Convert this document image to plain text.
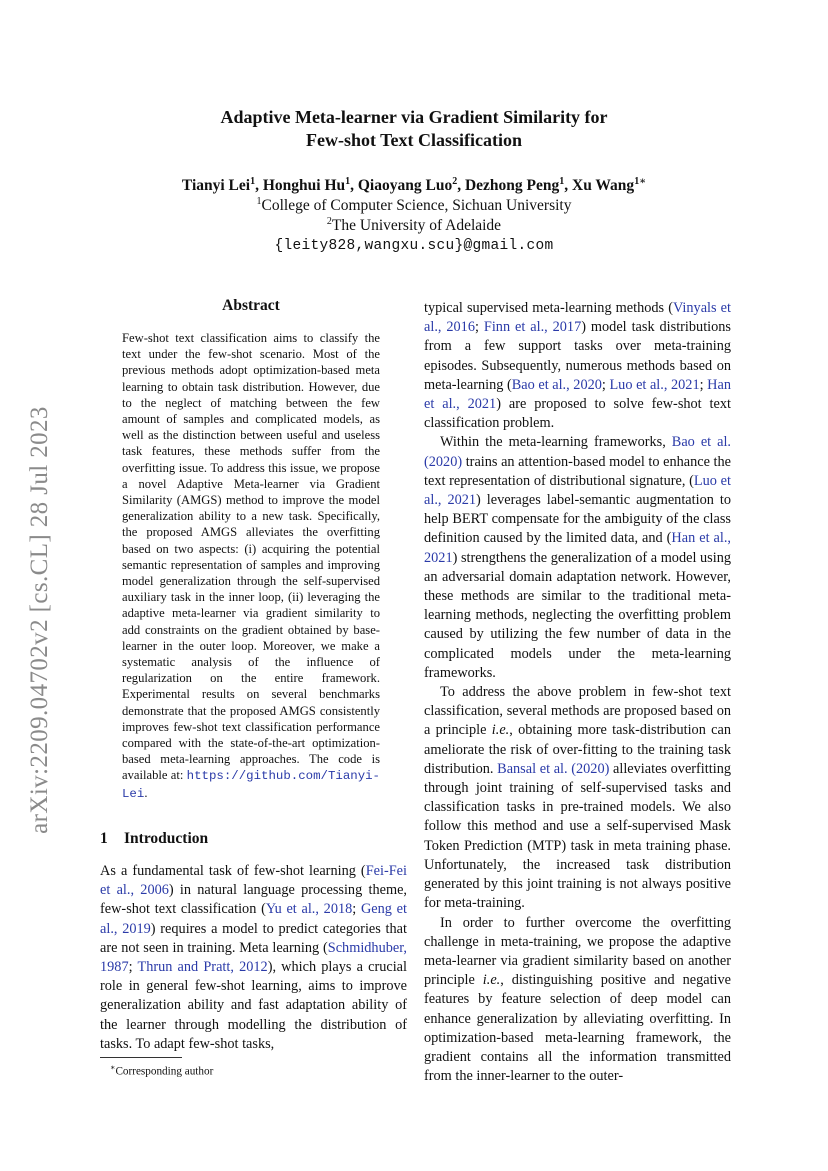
arXiv:2209.04702v2 [cs.CL] 28 Jul 2023
Adaptive Meta-learner via Gradient Similarity for
Few-shot Text Classification
Tianyi Lei$^1$, Honghui Hu$^1$, Qiaoyang Luo$^2$, Dezhong Peng$^1$, Xu Wang$^{1∗}$
$^1$College of Computer Science, Sichuan University
$^2$The University of Adelaide
{leity828,wangxu.scu}@gmail.com
Abstract
Few-shot text classification aims to classify the text under the few-shot scenario. Most of the previous methods adopt optimization-based meta learning to obtain task distribution. However, due to the neglect of matching between the few amount of samples and complicated models, as well as the distinction between useful and useless task features, these methods suffer from the overfitting issue. To address this issue, we propose a novel Adaptive Meta-learner via Gradient Similarity (AMGS) method to improve the model generalization ability to a new task. Specifically, the proposed AMGS alleviates the overfitting based on two aspects: (i) acquiring the potential semantic representation of samples and improving model generalization through the self-supervised auxiliary task in the inner loop, (ii) leveraging the adaptive meta-learner via gradient similarity to add constraints on the gradient obtained by base-learner in the outer loop. Moreover, we make a systematic analysis of the influence of regularization on the entire framework. Experimental results on several benchmarks demonstrate that the proposed AMGS consistently improves few-shot text classification performance compared with the state-of-the-art optimization-based meta-learning approaches. The code is available at: https://github.com/Tianyi-Lei.
1 Introduction

As a fundamental task of few-shot learning (Fei-Fei et al., 2006) in natural language processing theme, few-shot text classification (Yu et al., 2018; Geng et al., 2019) requires a model to predict categories that are not seen in training. Meta learning (Schmidhuber, 1987; Thrun and Pratt, 2012), which plays a crucial role in general few-shot learning, aims to improve generalization ability and fast adaptation ability of the learner through modelling the distribution of tasks. To adapt few-shot tasks,

typical supervised meta-learning methods (Vinyals et al., 2016; Finn et al., 2017) model task distributions from a few support tasks over meta-training episodes. Subsequently, numerous methods based on meta-learning (Bao et al., 2020; Luo et al., 2021; Han et al., 2021) are proposed to solve few-shot text classification problem.

Within the meta-learning frameworks, Bao et al. (2020) trains an attention-based model to enhance the text representation of distributional signature, (Luo et al., 2021) leverages label-semantic augmentation to help BERT compensate for the ambiguity of the class definition caused by the limited data, and (Han et al., 2021) strengthens the generalization of a model using an adversarial domain adaptation network. However, these methods are similar to the traditional meta-learning methods, neglecting the overfitting problem caused by utilizing the few number of data in the complicated models under the meta-learning frameworks.

To address the above problem in few-shot text classification, several methods are proposed based on a principle i.e., obtaining more task-distribution can ameliorate the risk of over-fitting to the training task distribution. Bansal et al. (2020) alleviates overfitting through joint training of self-supervised tasks and classification tasks in pre-trained models. We also follow this method and use a self-supervised Mask Token Prediction (MTP) task in meta training phase. Unfortunately, the increased task distribution generated by this joint training is not always positive for meta-training.

In order to further overcome the overfitting challenge in meta-training, we propose the adaptive meta-learner via gradient similarity based on another principle i.e., distinguishing positive and negative features by feature selection of deep model can enhance generalization by alleviating overfitting. In optimization-based meta-learning framework, the gradient contains all the information transmitted from the inner-learner to the outer-

∗Corresponding author
